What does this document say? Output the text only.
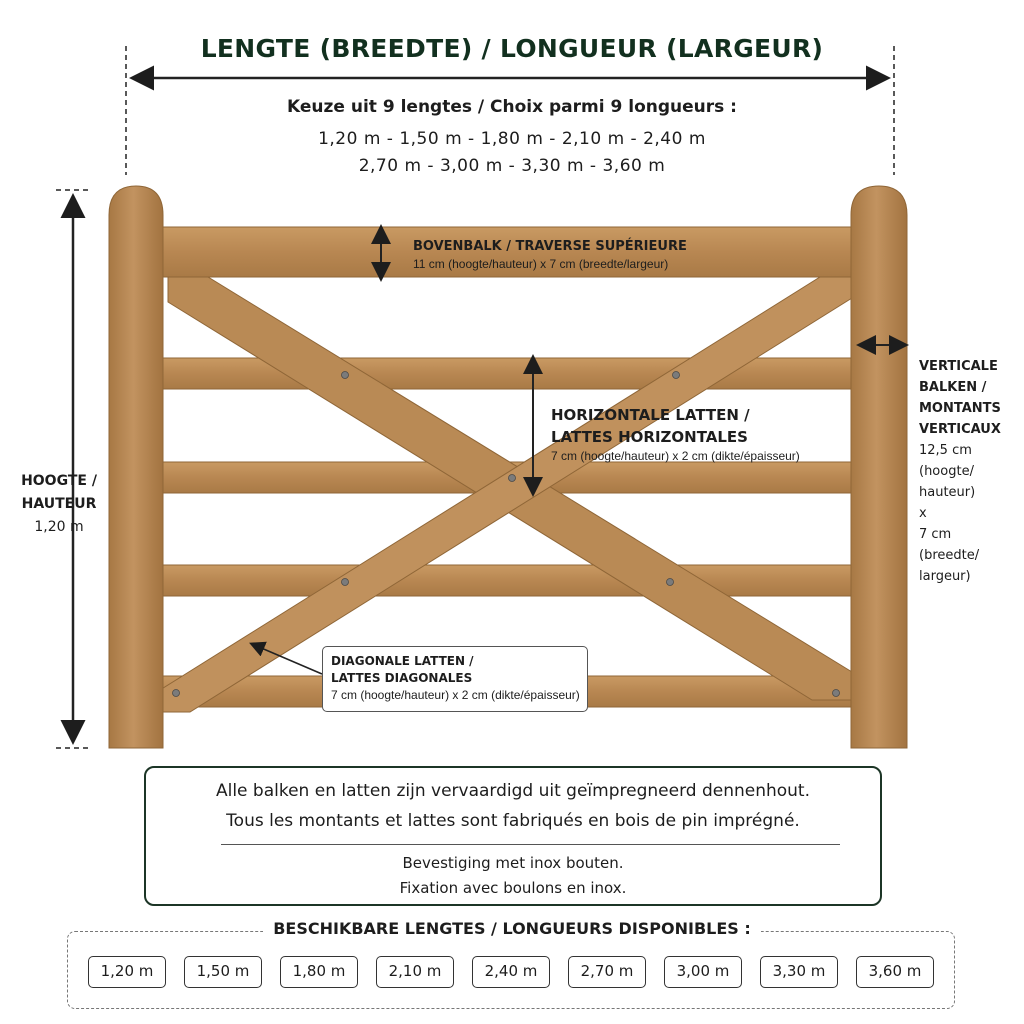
LENGTE (BREEDTE) / LONGUEUR (LARGEUR)
Keuze uit 9 lengtes / Choix parmi 9 longueurs :
1,20 m - 1,50 m - 1,80 m - 2,10 m - 2,40 m
2,70 m - 3,00 m - 3,30 m - 3,60 m
BOVENBALK / TRAVERSE SUPÉRIEURE
11 cm (hoogte/hauteur) x 7 cm (breedte/largeur)
HORIZONTALE LATTEN /
LATTES HORIZONTALES
7 cm (hoogte/hauteur) x 2 cm (dikte/épaisseur)
DIAGONALE LATTEN /
LATTES DIAGONALES
7 cm (hoogte/hauteur) x 2 cm (dikte/épaisseur)
HOOGTE /
HAUTEUR
1,20 m
VERTICALE
BALKEN /
MONTANTS
VERTICAUX
12,5 cm
(hoogte/
hauteur)
x
7 cm
(breedte/
largeur)
Alle balken en latten zijn vervaardigd uit geïmpregneerd dennenhout.
Tous les montants et lattes sont fabriqués en bois de pin imprégné.
Bevestiging met inox bouten.
Fixation avec boulons en inox.
BESCHIKBARE LENGTES / LONGUEURS DISPONIBLES :
1,20 m	1,50 m	1,80 m	2,10 m	2,40 m	2,70 m	3,00 m	3,30 m	3,60 m
